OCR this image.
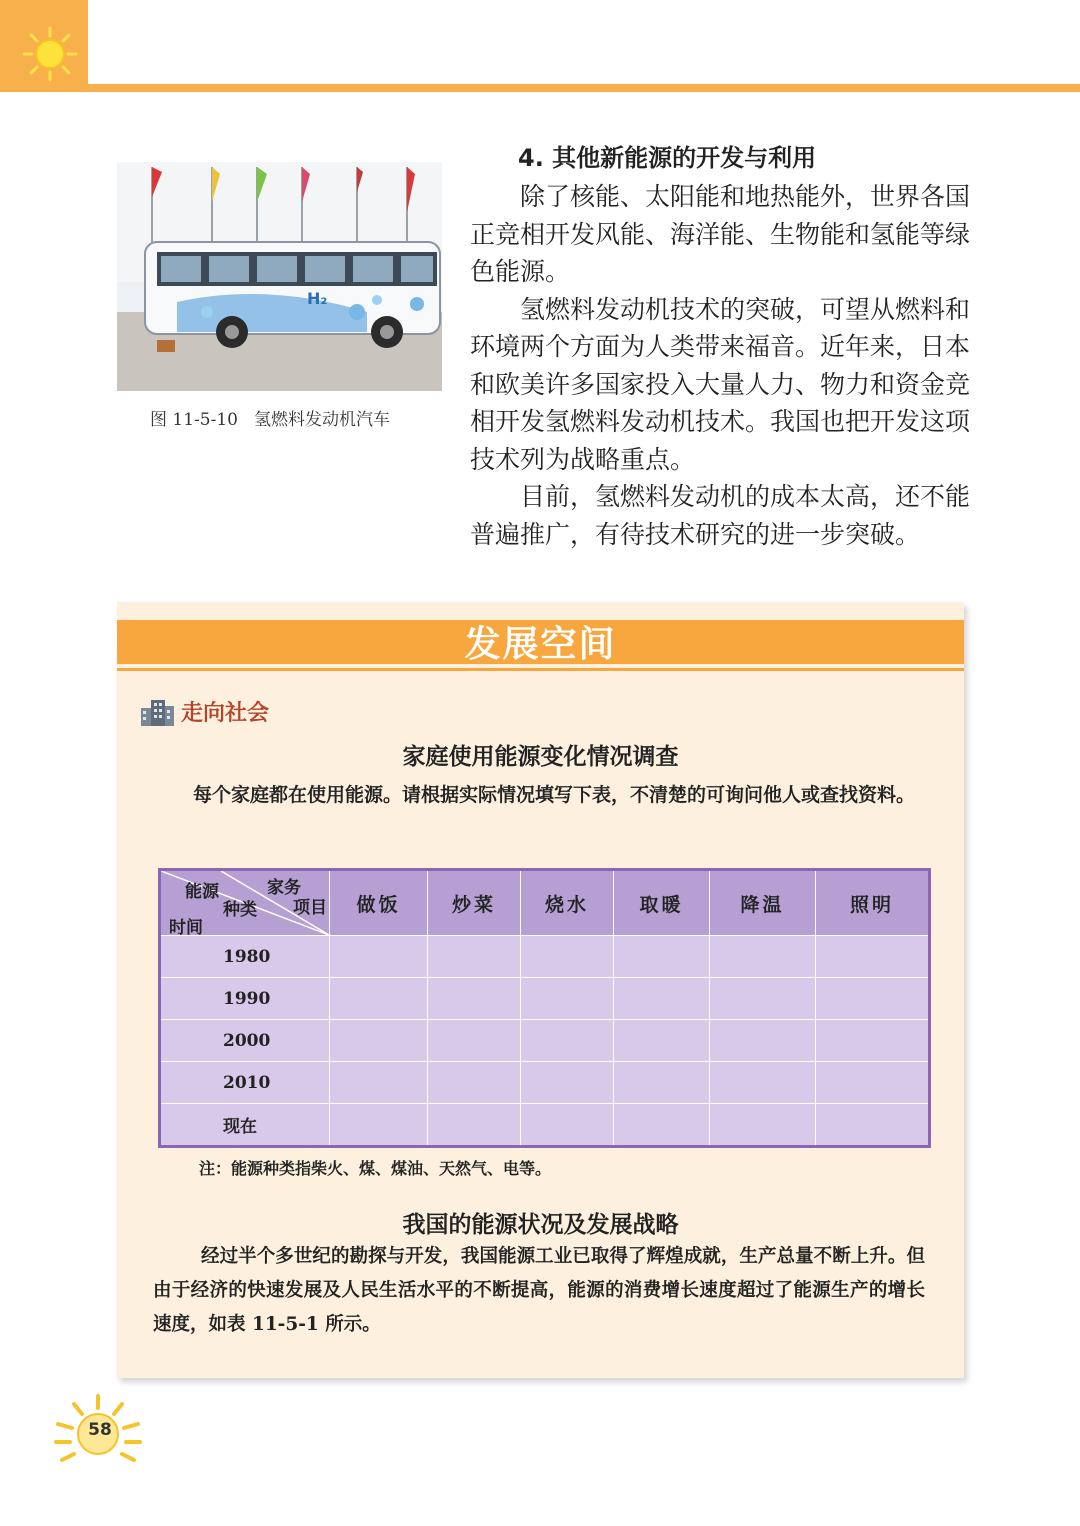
H₂
图 11-5-10 氢燃料发动机汽车
4. 其他新能源的开发与利用

除了核能、太阳能和地热能外，世界各国正竞相开发风能、海洋能、生物能和氢能等绿色能源。

氢燃料发动机技术的突破，可望从燃料和环境两个方面为人类带来福音。近年来，日本和欧美许多国家投入大量人力、物力和资金竞相开发氢燃料发动机技术。我国也把开发这项技术列为战略重点。

目前，氢燃料发动机的成本太高，还不能普遍推广，有待技术研究的进一步突破。

发展空间
走向社会
家庭使用能源变化情况调查
每个家庭都在使用能源。请根据实际情况填写下表，不清楚的可询问他人或查找资料。
家务
项目
能源
种类
时间	做饭	炒菜	烧水	取暖	降温	照明
1980						
1990						
2000						
2010						
现在						
注：能源种类指柴火、煤、煤油、天然气、电等。
我国的能源状况及发展战略
经过半个多世纪的勘探与开发，我国能源工业已取得了辉煌成就，生产总量不断上升。但由于经济的快速发展及人民生活水平的不断提高，能源的消费增长速度超过了能源生产的增长速度，如表 11-5-1 所示。
58
